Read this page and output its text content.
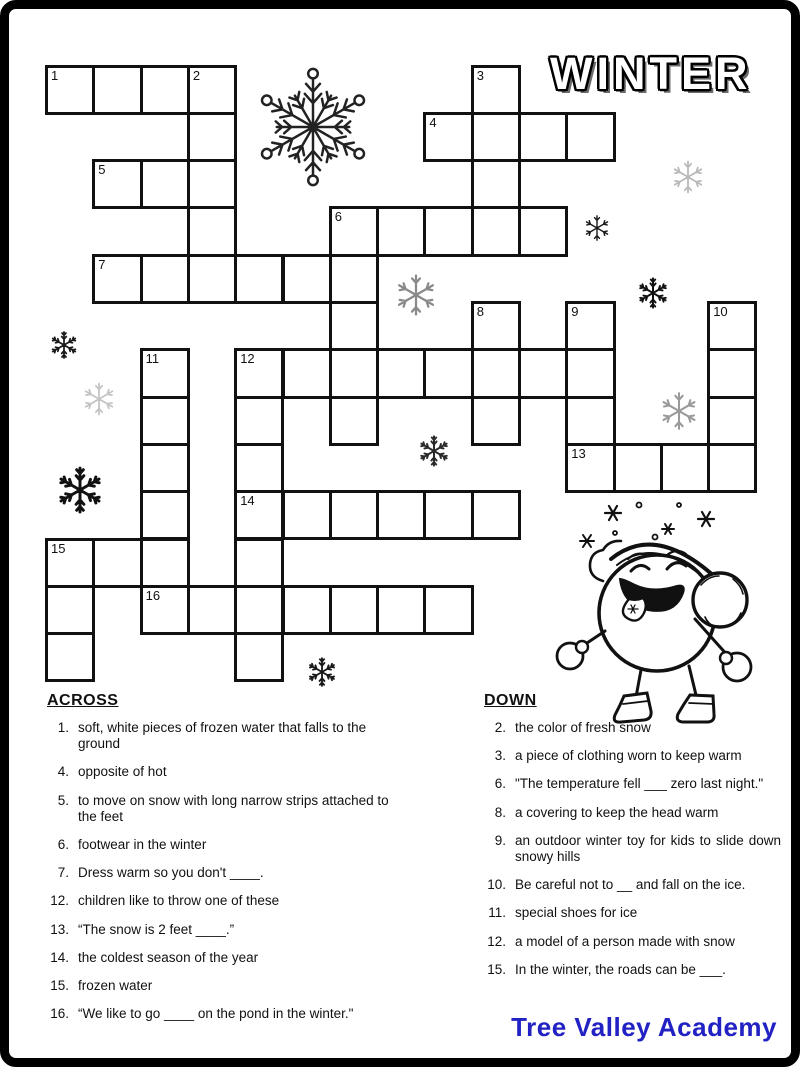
WINTER
1	2	3
4
5
6
7
8	9
13
10
11
16
12
14
15
ACROSS
1. soft, white pieces of frozen water that falls to the ground
4. opposite of hot
5. to move on snow with long narrow strips attached to the feet
6. footwear in the winter
7. Dress warm so you don't ____.
12. children like to throw one of these
13. “The snow is 2 feet ____.”
14. the coldest season of the year
15. frozen water
16. “We like to go ____ on the pond in the winter."
DOWN
2. the color of fresh snow
3. a piece of clothing worn to keep warm
6. "The temperature fell ___ zero last night."
8. a covering to keep the head warm
9. an outdoor winter toy for kids to slide down snowy hills
10. Be careful not to __ and fall on the ice.
11. special shoes for ice
12. a model of a person made with snow
15. In the winter, the roads can be ___.

Tree Valley Academy
